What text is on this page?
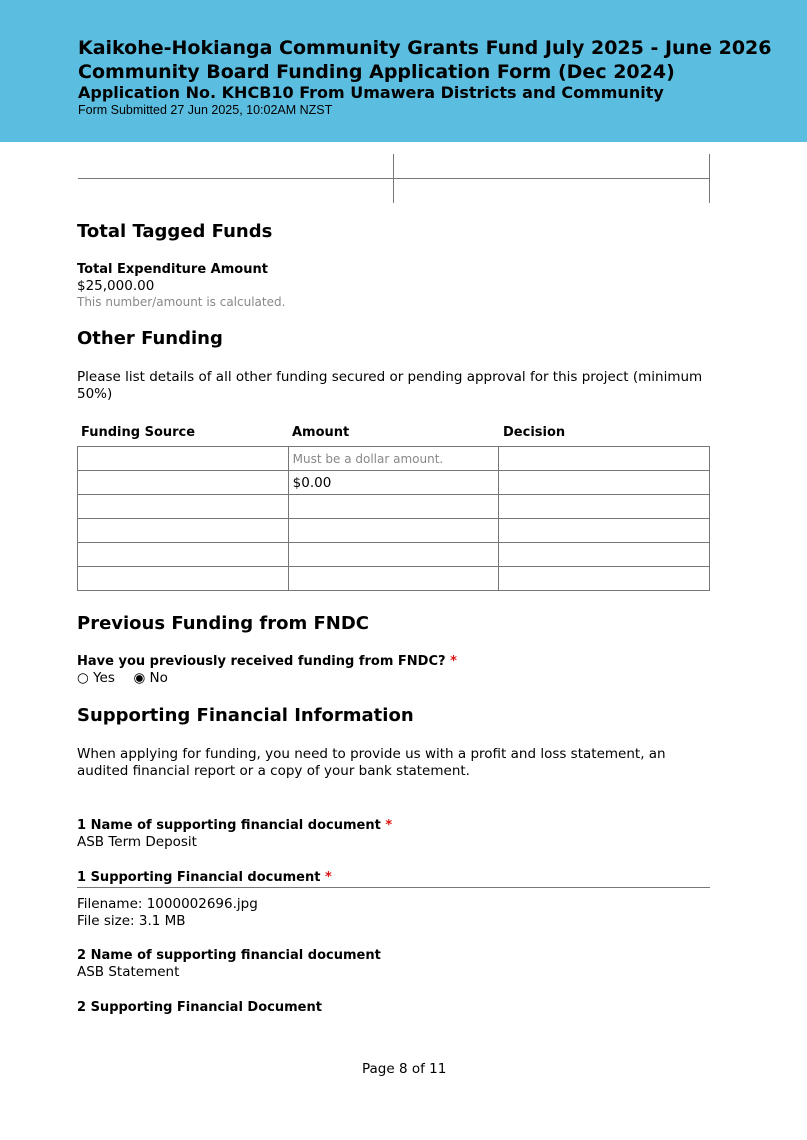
Kaikohe-Hokianga Community Grants Fund July 2025 - June 2026
Community Board Funding Application Form (Dec 2024)
Application No. KHCB10 From Umawera Districts and Community
Form Submitted 27 Jun 2025, 10:02AM NZST
Total Tagged Funds
Total Expenditure Amount
$25,000.00
This number/amount is calculated.
Other Funding
Please list details of all other funding secured or pending approval for this project (minimum 50%)
Funding Source	Amount	Decision
	Must be a dollar amount.	
	$0.00	

Previous Funding from FNDC
Have you previously received funding from FNDC? *
○ Yes ◉ No
Supporting Financial Information
When applying for funding, you need to provide us with a profit and loss statement, an audited financial report or a copy of your bank statement.
1 Name of supporting financial document *
ASB Term Deposit
1 Supporting Financial document *
Filename: 1000002696.jpg
File size: 3.1 MB
2 Name of supporting financial document
ASB Statement
2 Supporting Financial Document
Page 8 of 11
